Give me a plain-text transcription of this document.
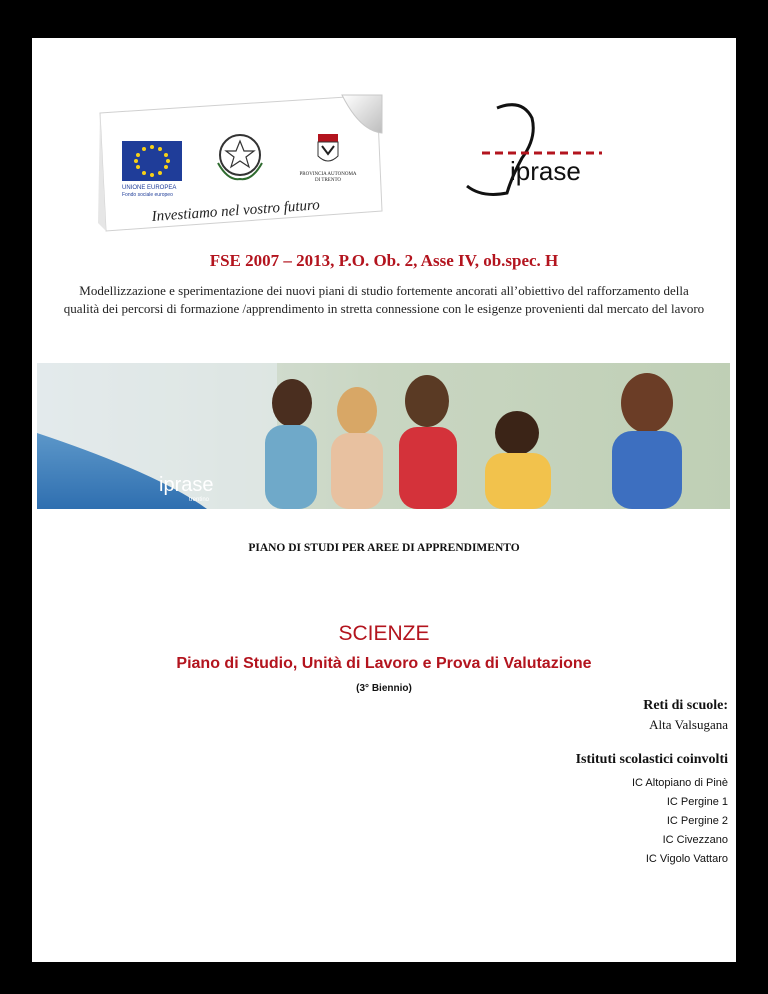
UNIONE EUROPEA
Fondo sociale europeo
PROVINCIA AUTONOMA
DI TRENTO
Investiamo nel vostro futuro
iprase
FSE 2007 – 2013, P.O. Ob. 2, Asse IV, ob.spec. H
Modellizzazione e sperimentazione dei nuovi piani di studio fortemente ancorati all’obiettivo del rafforzamento della qualità dei percorsi di formazione /apprendimento in stretta connessione con le esigenze provenienti dal mercato del lavoro
iprase
trentino
PIANO DI STUDI PER AREE DI APPRENDIMENTO
SCIENZE
Piano di Studio, Unità di Lavoro e Prova di Valutazione
(3° Biennio)
Reti di scuole:
Alta Valsugana
Istituti scolastici coinvolti
IC Altopiano di Pinè
IC Pergine 1
IC Pergine 2
IC Civezzano
IC Vigolo Vattaro
